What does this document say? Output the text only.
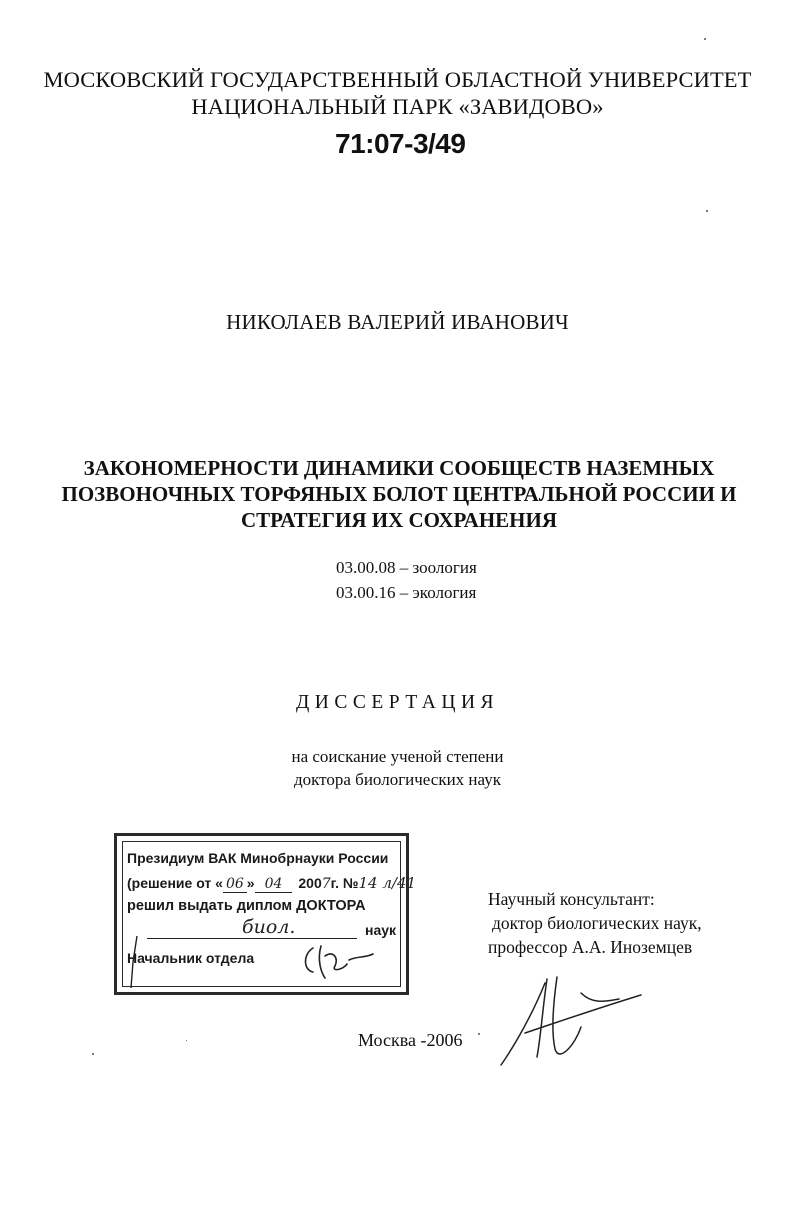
МОСКОВСКИЙ ГОСУДАРСТВЕННЫЙ ОБЛАСТНОЙ УНИВЕРСИТЕТ
НАЦИОНАЛЬНЫЙ ПАРК «ЗАВИДОВО»
71:07-3/49
НИКОЛАЕВ ВАЛЕРИЙ ИВАНОВИЧ
ЗАКОНОМЕРНОСТИ ДИНАМИКИ СООБЩЕСТВ НАЗЕМНЫХ
ПОЗВОНОЧНЫХ ТОРФЯНЫХ БОЛОТ ЦЕНТРАЛЬНОЙ РОССИИ И
СТРАТЕГИЯ ИХ СОХРАНЕНИЯ
03.00.08 – зоология
03.00.16 – экология
ДИССЕРТАЦИЯ
на соискание ученой степени
доктора биологических наук
Президиум ВАК Минобрнауки России
(решение от « 06 » 04 2007г. №14 л/41
решил выдать диплом ДОКТОРА
биол.	наук
Начальник отдела
Научный консультант:
доктор биологических наук,
профессор А.А. Иноземцев
Москва -2006
